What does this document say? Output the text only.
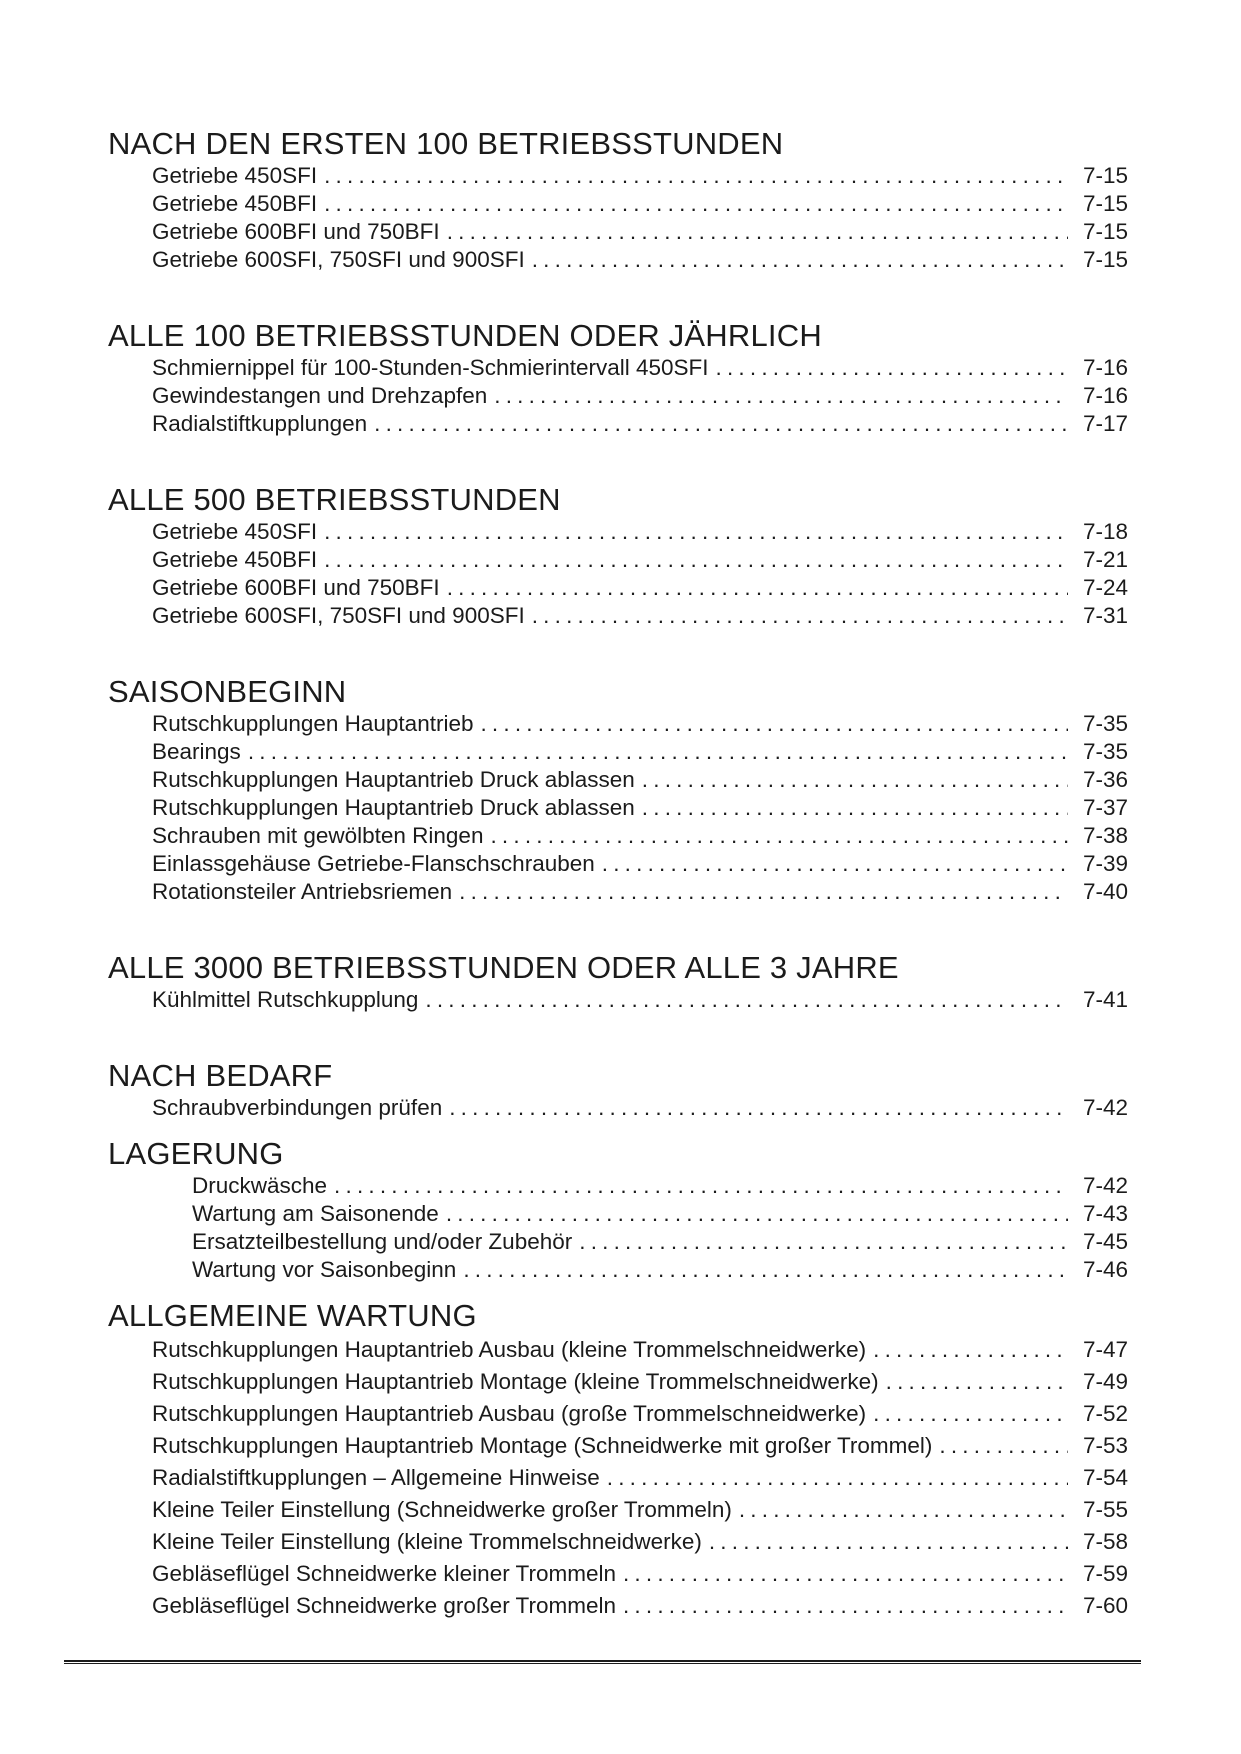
NACH DEN ERSTEN 100 BETRIEBSSTUNDEN
Getriebe 450SFI .....	7-15
Getriebe 450BFI .....	7-15
Getriebe 600BFI und 750BFI .....	7-15
Getriebe 600SFI, 750SFI und 900SFI .....	7-15
ALLE 100 BETRIEBSSTUNDEN ODER JÄHRLICH
Schmiernippel für 100-Stunden-Schmierintervall 450SFI .....	7-16
Gewindestangen und Drehzapfen .....	7-16
Radialstiftkupplungen .....	7-17
ALLE 500 BETRIEBSSTUNDEN
Getriebe 450SFI .....	7-18
Getriebe 450BFI .....	7-21
Getriebe 600BFI und 750BFI .....	7-24
Getriebe 600SFI, 750SFI und 900SFI .....	7-31
SAISONBEGINN
Rutschkupplungen Hauptantrieb .....	7-35
Bearings .....	7-35
Rutschkupplungen Hauptantrieb Druck ablassen .....	7-36
Rutschkupplungen Hauptantrieb Druck ablassen .....	7-37
Schrauben mit gewölbten Ringen .....	7-38
Einlassgehäuse Getriebe-Flanschschrauben .....	7-39
Rotationsteiler Antriebsriemen .....	7-40
ALLE 3000 BETRIEBSSTUNDEN ODER ALLE 3 JAHRE
Kühlmittel Rutschkupplung .....	7-41
NACH BEDARF
Schraubverbindungen prüfen .....	7-42
LAGERUNG
Druckwäsche .....	7-42
Wartung am Saisonende .....	7-43
Ersatzteilbestellung und/oder Zubehör .....	7-45
Wartung vor Saisonbeginn .....	7-46
ALLGEMEINE WARTUNG
Rutschkupplungen Hauptantrieb Ausbau (kleine Trommelschneidwerke) .....	7-47
Rutschkupplungen Hauptantrieb Montage (kleine Trommelschneidwerke) .....	7-49
Rutschkupplungen Hauptantrieb Ausbau (große Trommelschneidwerke) .....	7-52
Rutschkupplungen Hauptantrieb Montage (Schneidwerke mit großer Trommel) .....	7-53
Radialstiftkupplungen – Allgemeine Hinweise .....	7-54
Kleine Teiler Einstellung (Schneidwerke großer Trommeln) .....	7-55
Kleine Teiler Einstellung (kleine Trommelschneidwerke) .....	7-58
Gebläseflügel Schneidwerke kleiner Trommeln .....	7-59
Gebläseflügel Schneidwerke großer Trommeln .....	7-60
